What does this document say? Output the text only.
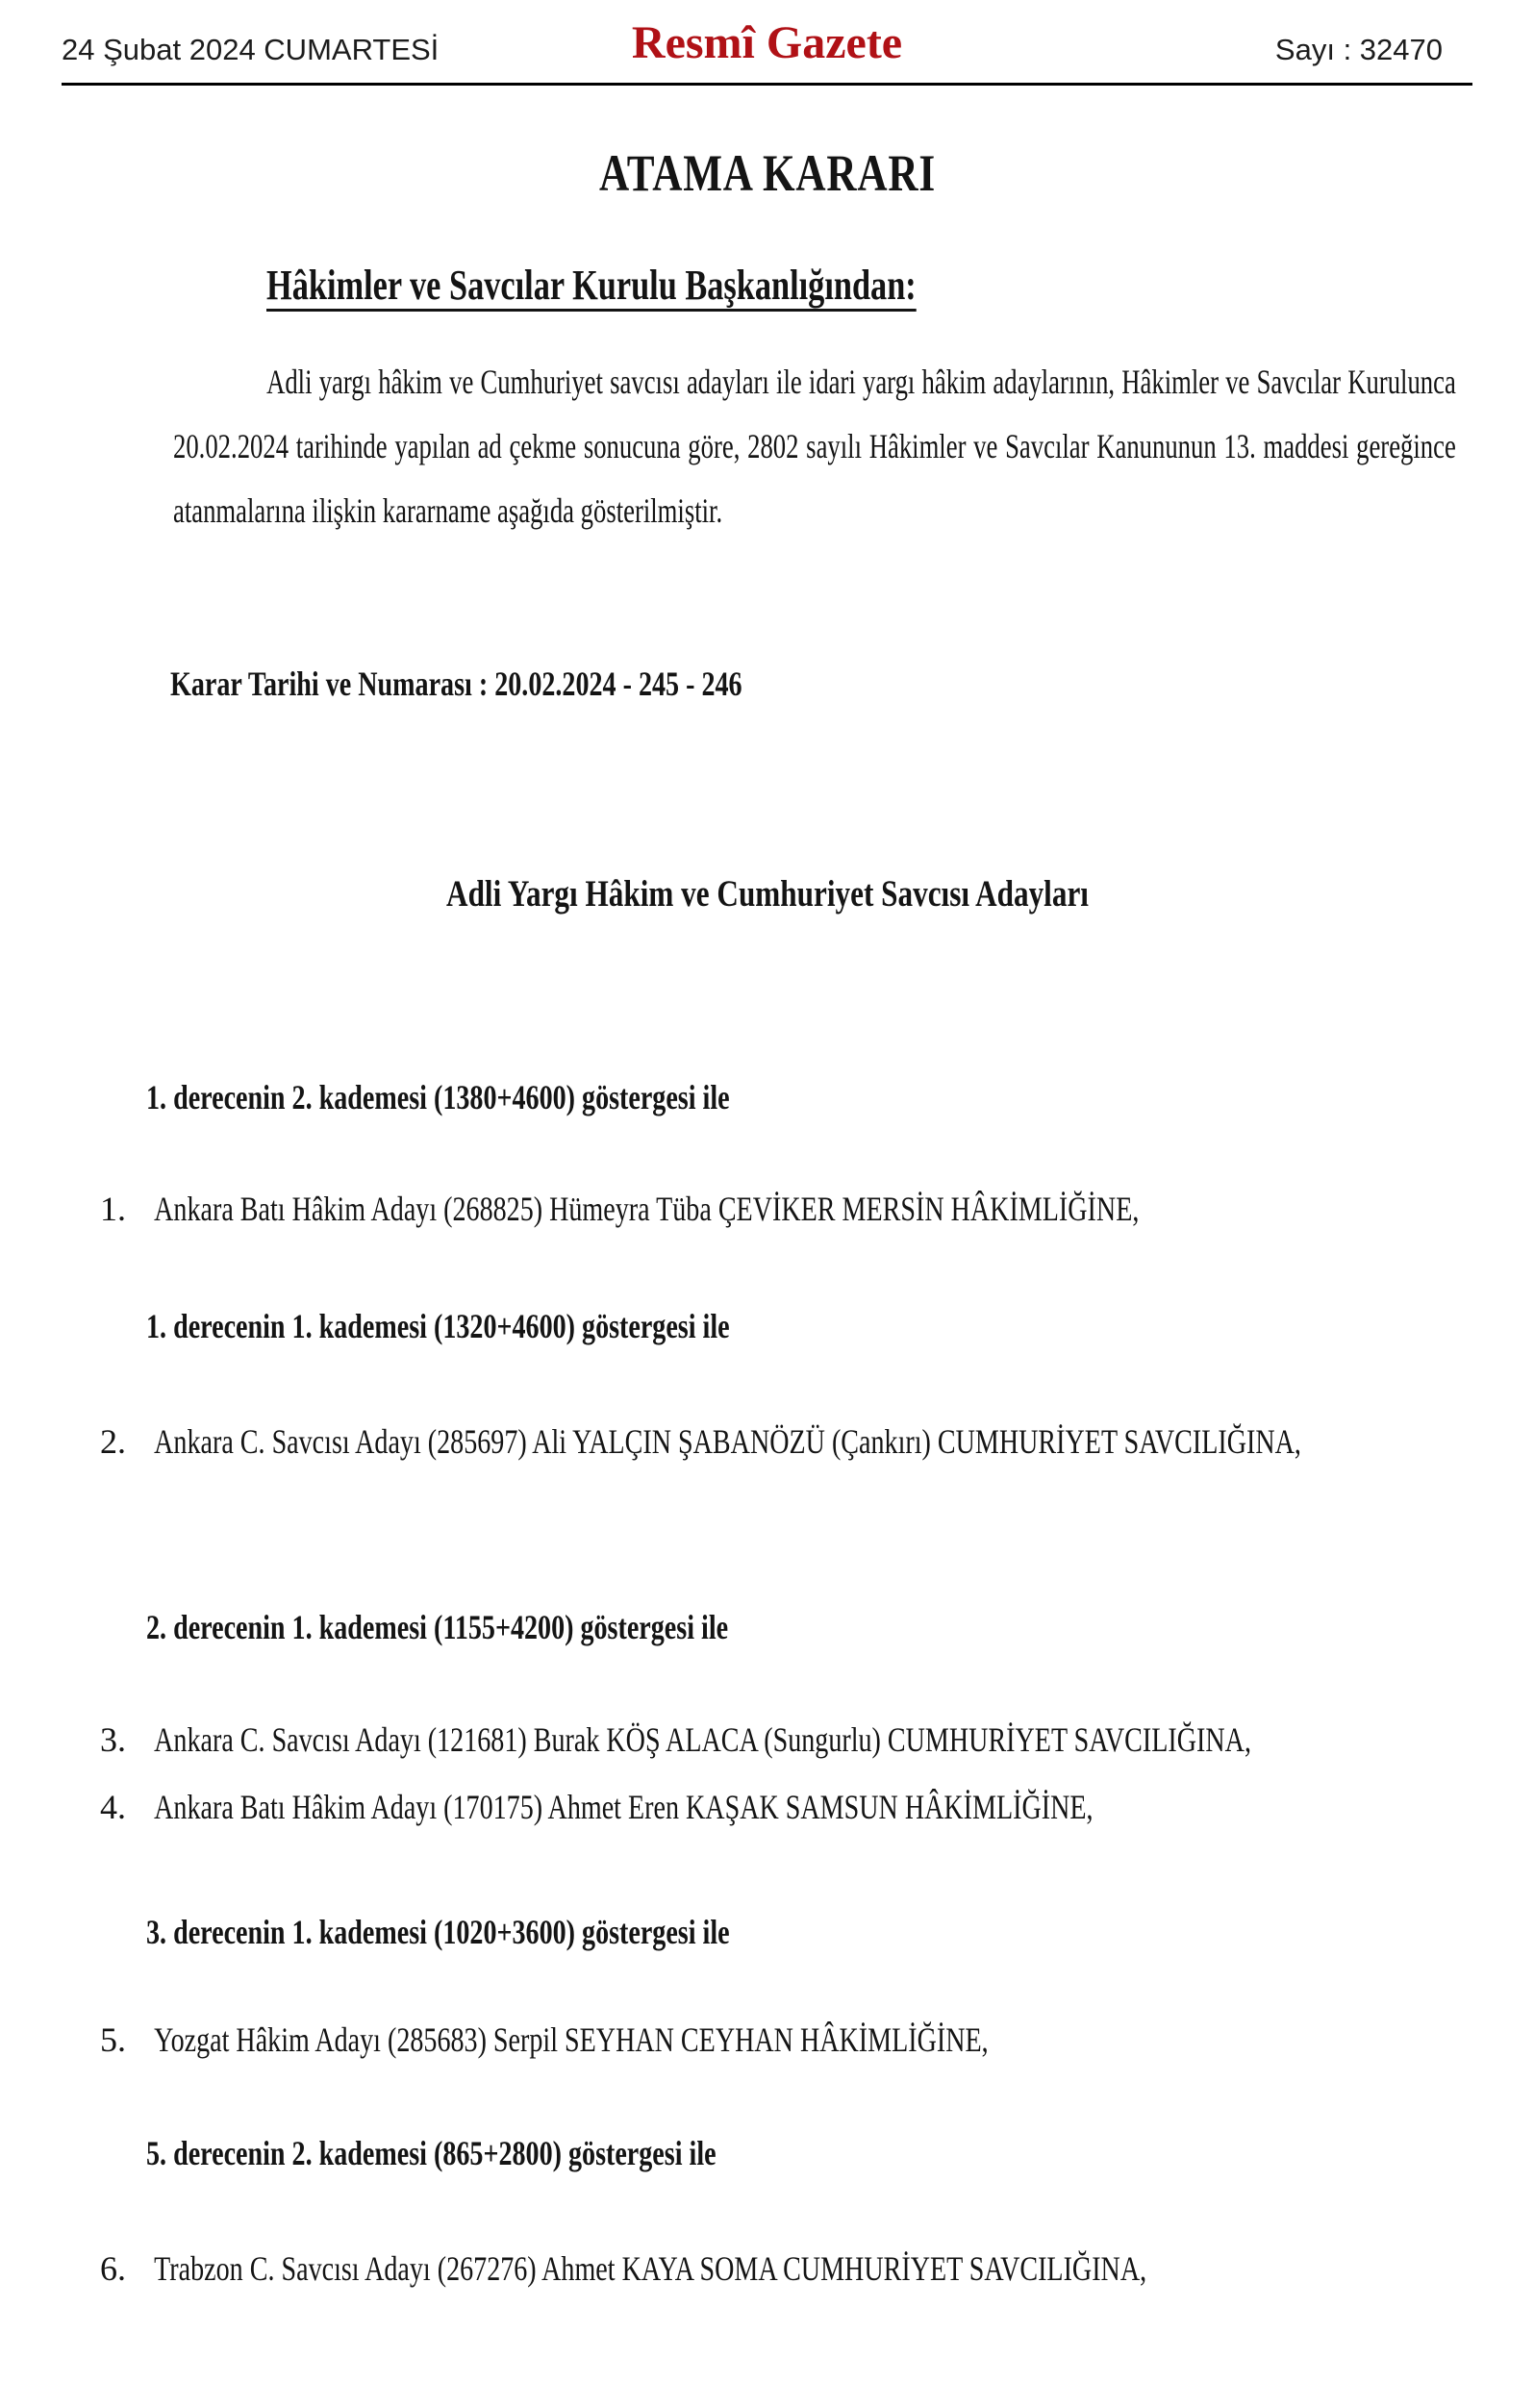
24 Şubat 2024 CUMARTESİ	Resmî Gazete	Sayı : 32470
ATAMA KARARI
Hâkimler ve Savcılar Kurulu Başkanlığından:
Adli yargı hâkim ve Cumhuriyet savcısı adayları ile idari yargı hâkim adaylarının, Hâkimler ve Savcılar Kurulunca 20.02.2024 tarihinde yapılan ad çekme sonucuna göre, 2802 sayılı Hâkimler ve Savcılar Kanununun 13. maddesi gereğince atanmalarına ilişkin kararname aşağıda gösterilmiştir.
Karar Tarihi ve Numarası : 20.02.2024 - 245 - 246
Adli Yargı Hâkim ve Cumhuriyet Savcısı Adayları
1. derecenin 2. kademesi (1380+4600) göstergesi ile
1. Ankara Batı Hâkim Adayı (268825) Hümeyra Tüba ÇEVİKER MERSİN HÂKİMLİĞİNE,
1. derecenin 1. kademesi (1320+4600) göstergesi ile
2. Ankara C. Savcısı Adayı (285697) Ali YALÇIN ŞABANÖZÜ (Çankırı) CUMHURİYET SAVCILIĞINA,
2. derecenin 1. kademesi (1155+4200) göstergesi ile
3. Ankara C. Savcısı Adayı (121681) Burak KÖŞ ALACA (Sungurlu) CUMHURİYET SAVCILIĞINA,
4. Ankara Batı Hâkim Adayı (170175) Ahmet Eren KAŞAK SAMSUN HÂKİMLİĞİNE,
3. derecenin 1. kademesi (1020+3600) göstergesi ile
5. Yozgat Hâkim Adayı (285683) Serpil SEYHAN CEYHAN HÂKİMLİĞİNE,
5. derecenin 2. kademesi (865+2800) göstergesi ile
6. Trabzon C. Savcısı Adayı (267276) Ahmet KAYA SOMA CUMHURİYET SAVCILIĞINA,
